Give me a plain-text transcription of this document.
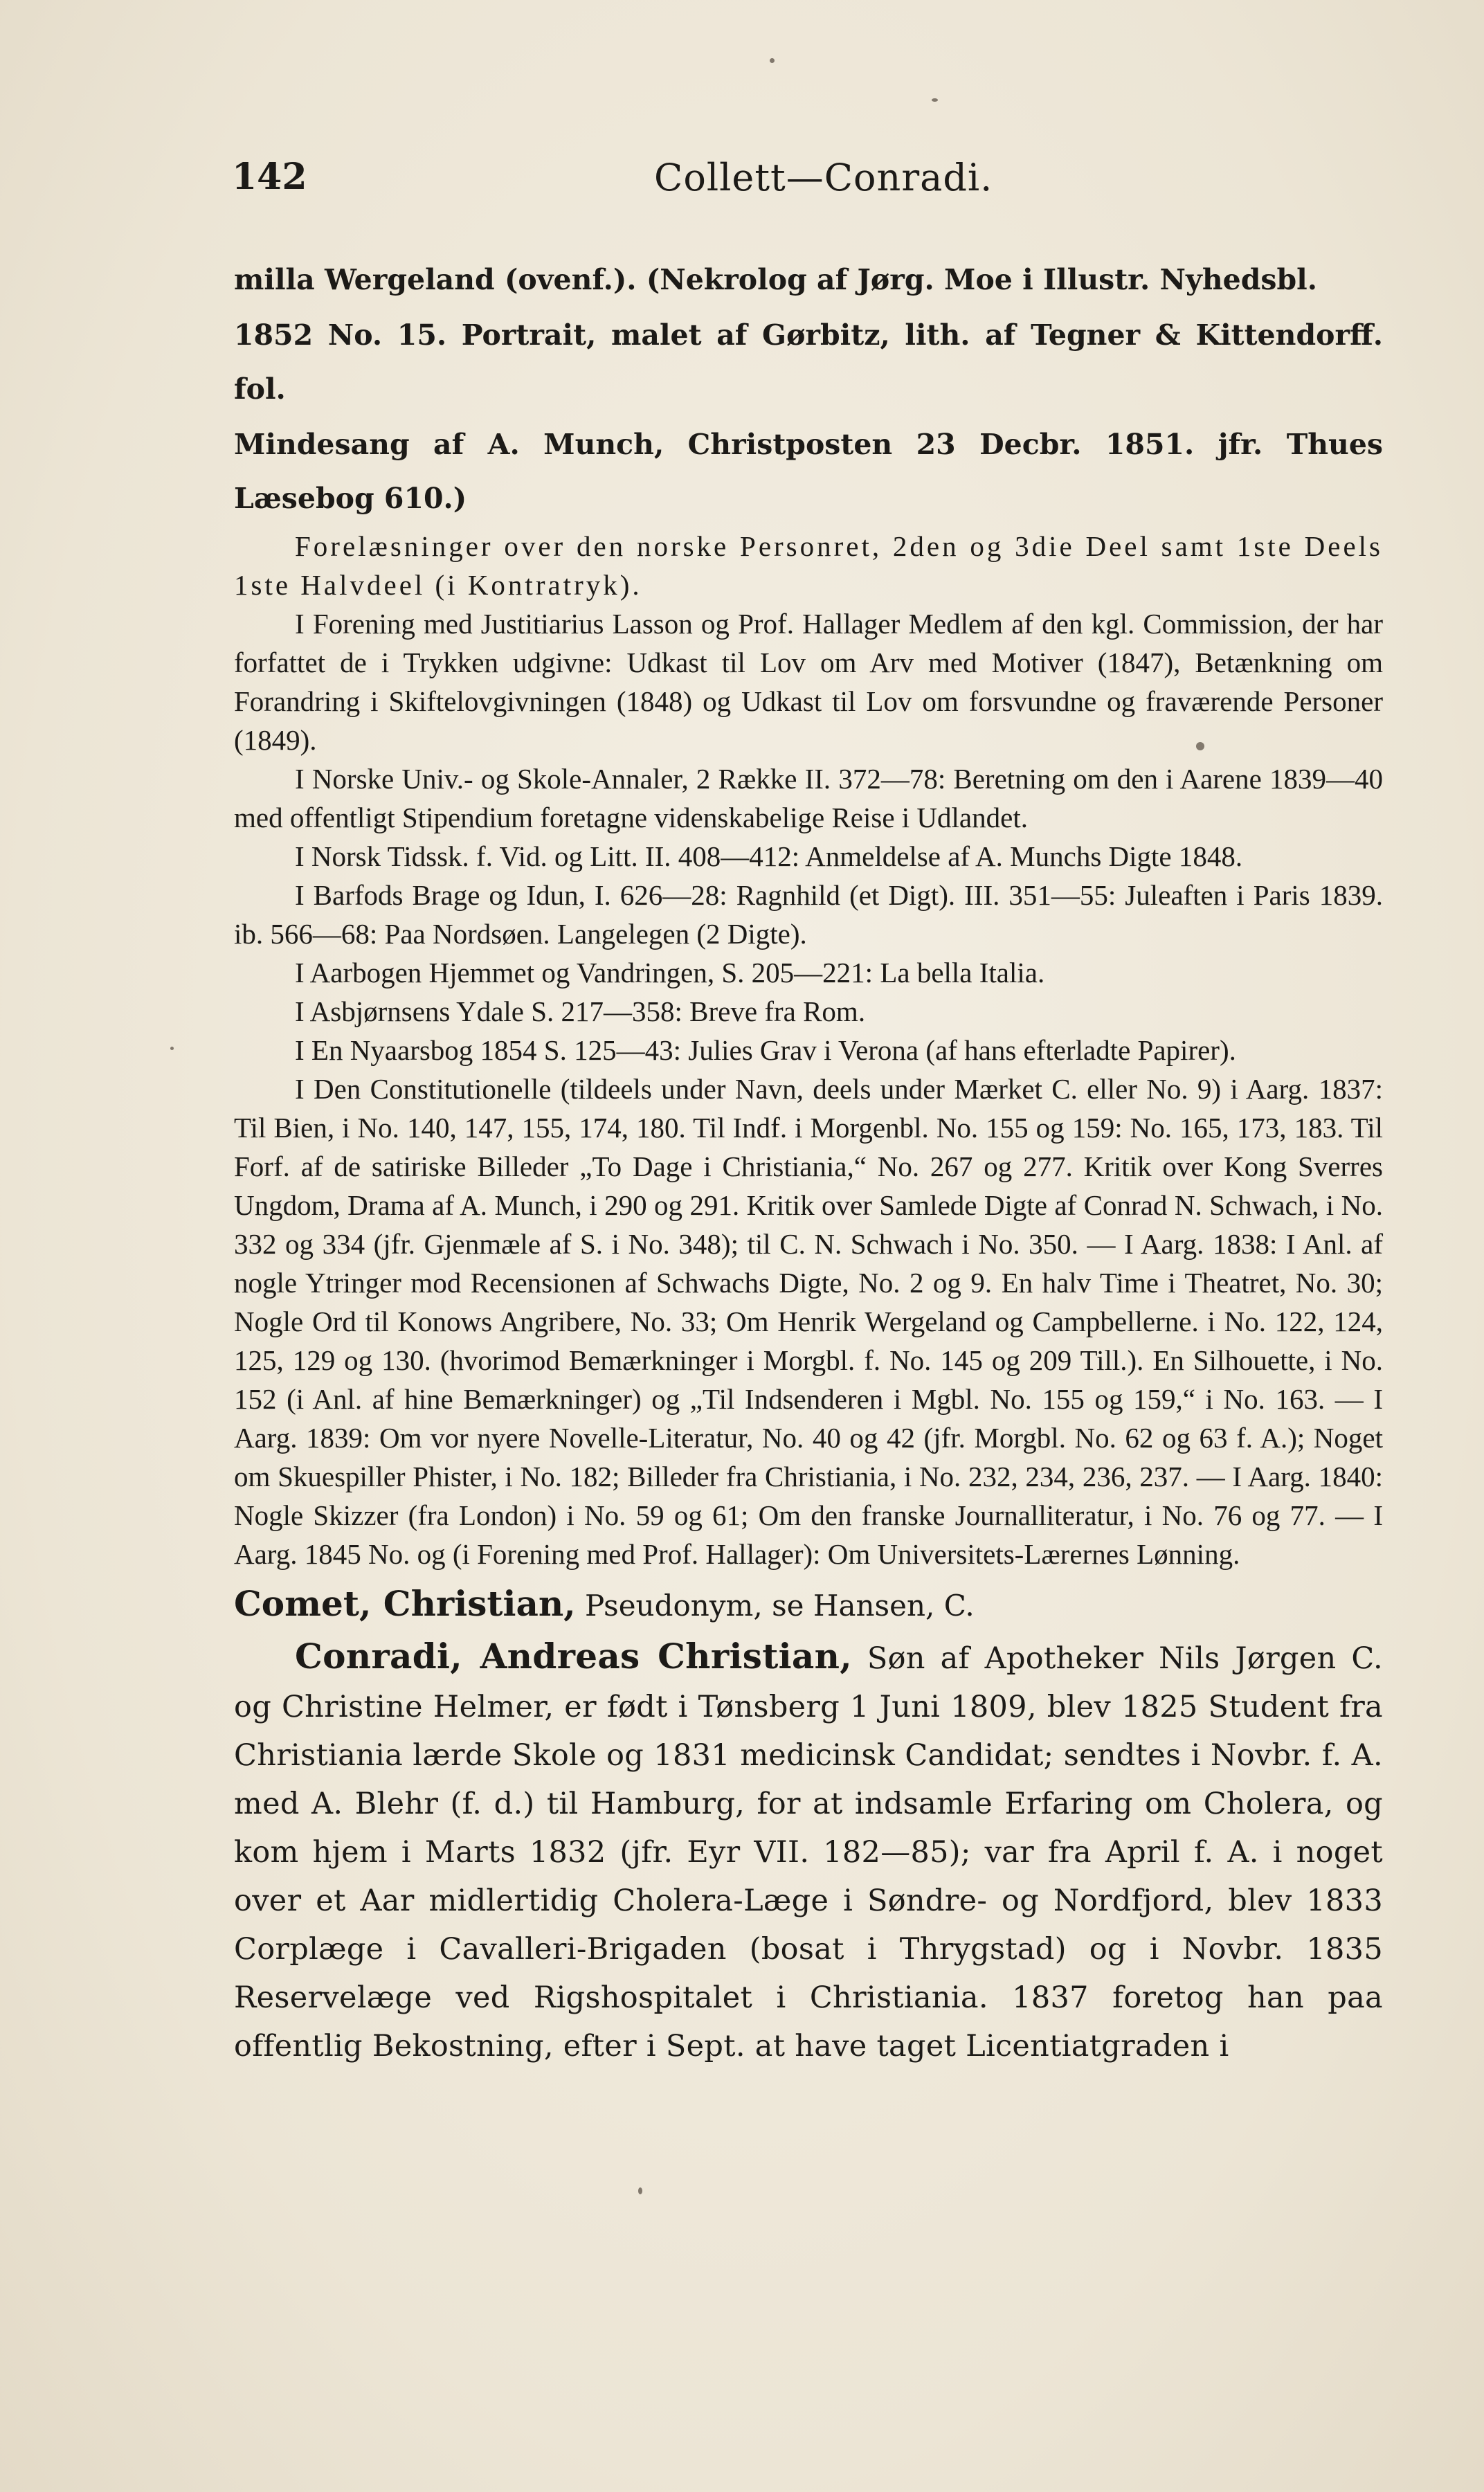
142	Collett—Conradi.

milla Wergeland (ovenf.). (Nekrolog af Jørg. Moe i Illustr. Nyhedsbl.

1852 No. 15. Portrait, malet af Gørbitz, lith. af Tegner & Kittendorff. fol.

Mindesang af A. Munch, Christposten 23 Decbr. 1851. jfr. Thues Læsebog 610.)

Forelæsninger over den norske Personret, 2den og 3die Deel samt 1ste Deels 1ste Halvdeel (i Kontratryk).

I Forening med Justitiarius Lasson og Prof. Hallager Medlem af den kgl. Commission, der har forfattet de i Trykken udgivne: Udkast til Lov om Arv med Motiver (1847), Betænkning om Forandring i Skiftelovgivningen (1848) og Udkast til Lov om forsvundne og fraværende Personer (1849).

I Norske Univ.- og Skole-Annaler, 2 Række II. 372—78: Beretning om den i Aarene 1839—40 med offentligt Stipendium foretagne videnskabelige Reise i Udlandet.

I Norsk Tidssk. f. Vid. og Litt. II. 408—412: Anmeldelse af A. Munchs Digte 1848.

I Barfods Brage og Idun, I. 626—28: Ragnhild (et Digt). III. 351—55: Juleaften i Paris 1839. ib. 566—68: Paa Nordsøen. Langelegen (2 Digte).

I Aarbogen Hjemmet og Vandringen, S. 205—221: La bella Italia.

I Asbjørnsens Ydale S. 217—358: Breve fra Rom.

I En Nyaarsbog 1854 S. 125—43: Julies Grav i Verona (af hans efterladte Papirer).

I Den Constitutionelle (tildeels under Navn, deels under Mærket C. eller No. 9) i Aarg. 1837: Til Bien, i No. 140, 147, 155, 174, 180. Til Indf. i Morgenbl. No. 155 og 159: No. 165, 173, 183. Til Forf. af de satiriske Billeder „To Dage i Christiania,“ No. 267 og 277. Kritik over Kong Sverres Ungdom, Drama af A. Munch, i 290 og 291. Kritik over Samlede Digte af Conrad N. Schwach, i No. 332 og 334 (jfr. Gjenmæle af S. i No. 348); til C. N. Schwach i No. 350. — I Aarg. 1838: I Anl. af nogle Ytringer mod Recensionen af Schwachs Digte, No. 2 og 9. En halv Time i Theatret, No. 30; Nogle Ord til Konows Angribere, No. 33; Om Henrik Wergeland og Campbellerne. i No. 122, 124, 125, 129 og 130. (hvorimod Bemærkninger i Morgbl. f. No. 145 og 209 Till.). En Silhouette, i No. 152 (i Anl. af hine Bemærkninger) og „Til Indsenderen i Mgbl. No. 155 og 159,“ i No. 163. — I Aarg. 1839: Om vor nyere Novelle-Literatur, No. 40 og 42 (jfr. Morgbl. No. 62 og 63 f. A.); Noget om Skuespiller Phister, i No. 182; Billeder fra Christiania, i No. 232, 234, 236, 237. — I Aarg. 1840: Nogle Skizzer (fra London) i No. 59 og 61; Om den franske Journalliteratur, i No. 76 og 77. — I Aarg. 1845 No. og (i Forening med Prof. Hallager): Om Universitets-Lærernes Lønning.

Comet, Christian, Pseudonym, se Hansen, C.

Conradi, Andreas Christian, Søn af Apotheker Nils Jørgen C. og Christine Helmer, er født i Tønsberg 1 Juni 1809, blev 1825 Student fra Christiania lærde Skole og 1831 medicinsk Candidat; sendtes i Novbr. f. A. med A. Blehr (f. d.) til Hamburg, for at indsamle Erfaring om Cholera, og kom hjem i Marts 1832 (jfr. Eyr VII. 182—85); var fra April f. A. i noget over et Aar midlertidig Cholera-Læge i Søndre- og Nordfjord, blev 1833 Corplæge i Cavalleri-Brigaden (bosat i Thrygstad) og i Novbr. 1835 Reservelæge ved Rigshospitalet i Christiania. 1837 foretog han paa offentlig Bekostning, efter i Sept. at have taget Licentiatgraden i
